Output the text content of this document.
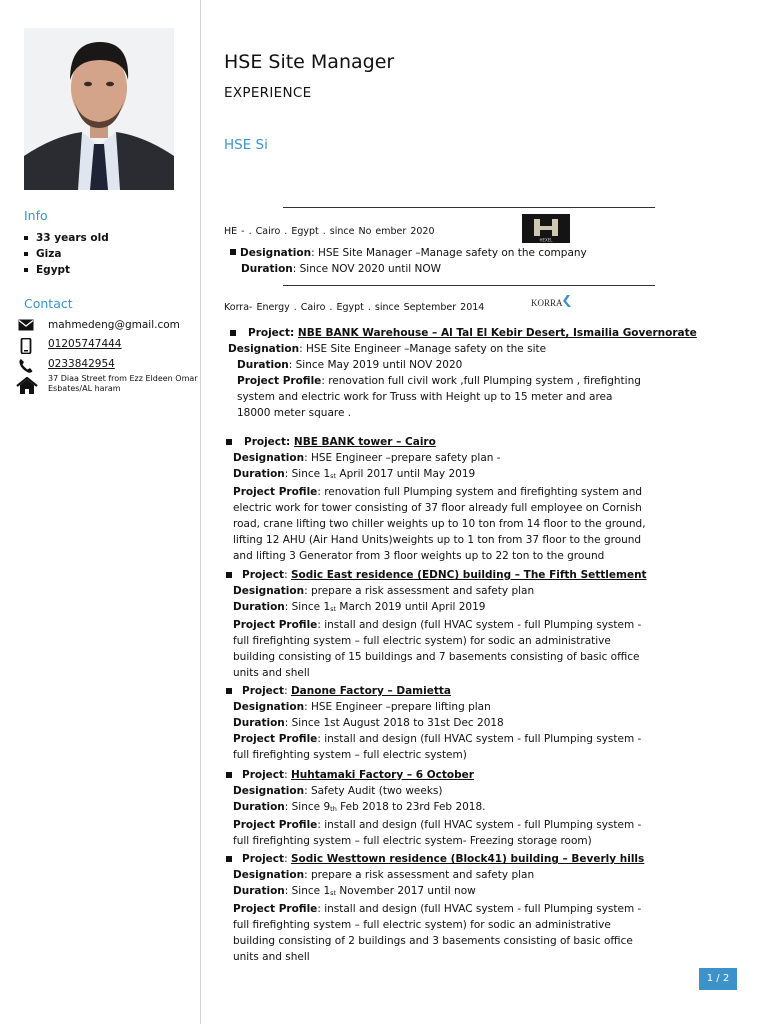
Info
33 years old
Giza
Egypt
Contact
mahmedeng@gmail.com
01205747444
0233842954
37 Diaa Street from Ezz Eldeen Omar Esbates/AL haram
HSE Site Manager
EXPERIENCE
HSE Si
HE - . Cairo . Egypt . since No ember 2020
HEXEL
Designation: HSE Site Manager –Manage safety on the company
Duration: Since NOV 2020 until NOW
Korra- Energy . Cairo . Egypt . since September 2014	KORRA
Project: NBE BANK Warehouse – Al Tal El Kebir Desert, Ismailia Governorate
Designation: HSE Site Engineer –Manage safety on the site
Duration: Since May 2019 until NOV 2020
Project Profile: renovation full civil work ,full Plumping system , firefighting
system and electric work for Truss with Height up to 15 meter and area
18000 meter square .
Project: NBE BANK tower – Cairo
Designation: HSE Engineer –prepare safety plan -
Duration: Since $1_{st}$ April 2017 until May 2019
Project Profile: renovation full Plumping system and firefighting system and
electric work for tower consisting of 37 floor already full employee on Cornish
road, crane lifting two chiller weights up to 10 ton from 14 floor to the ground,
lifting 12 AHU (Air Hand Units)weights up to 1 ton from 37 floor to the ground
and lifting 3 Generator from 3 floor weights up to 22 ton to the ground
Project: Sodic East residence (EDNC) building – The Fifth Settlement
Designation: prepare a risk assessment and safety plan
Duration: Since $1_{st}$ March 2019 until April 2019
Project Profile: install and design (full HVAC system - full Plumping system -
full firefighting system – full electric system) for sodic an administrative
building consisting of 15 buildings and 7 basements consisting of basic office
units and shell
Project: Danone Factory – Damietta
Designation: HSE Engineer –prepare lifting plan
Duration: Since 1st August 2018 to 31st Dec 2018
Project Profile: install and design (full HVAC system - full Plumping system -
full firefighting system – full electric system)
Project: Huhtamaki Factory – 6 October
Designation: Safety Audit (two weeks)
Duration: Since $9_{th}$ Feb 2018 to 23rd Feb 2018.
Project Profile: install and design (full HVAC system - full Plumping system -
full firefighting system – full electric system- Freezing storage room)
Project: Sodic Westtown residence (Block41) building – Beverly hills
Designation: prepare a risk assessment and safety plan
Duration: Since $1_{st}$ November 2017 until now
Project Profile: install and design (full HVAC system - full Plumping system -
full firefighting system – full electric system) for sodic an administrative
building consisting of 2 buildings and 3 basements consisting of basic office
units and shell
1 / 2
